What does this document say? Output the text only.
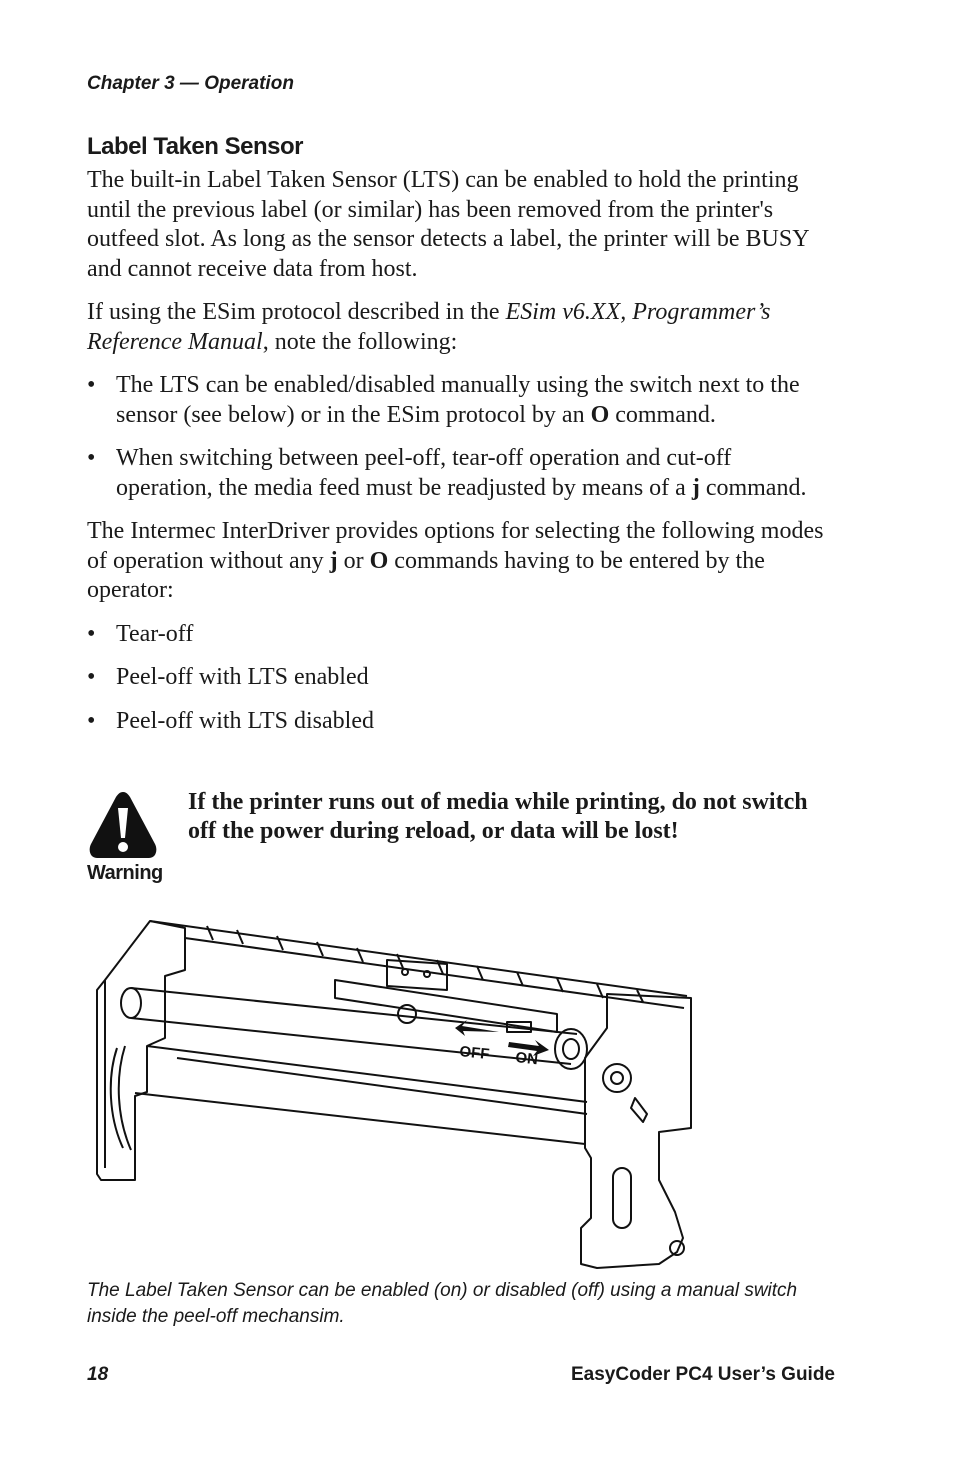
Chapter 3 — Operation
Label Taken Sensor

The built-in Label Taken Sensor (LTS) can be enabled to hold the printing until the previous label (or similar) has been removed from the printer's outfeed slot. As long as the sensor detects a label, the printer will be BUSY and cannot receive data from host.

If using the ESim protocol described in the ESim v6.XX, Programmer’s Reference Manual, note the following:

• The LTS can be enabled/disabled manually using the switch next to the sensor (see below) or in the ESim protocol by an O command.
• When switching between peel-off, tear-off operation and cut-off operation, the media feed must be readjusted by means of a j command.

The Intermec InterDriver provides options for selecting the following modes of operation without any j or O commands having to be entered by the operator:

• Tear-off
• Peel-off with LTS enabled
• Peel-off with LTS disabled
Warning
If the printer runs out of media while printing, do not switch off the power during reload, or data will be lost!
OFF ON
The Label Taken Sensor can be enabled (on) or disabled (off) using a manual switch inside the peel-off mechansim.
18	EasyCoder PC4 User’s Guide
